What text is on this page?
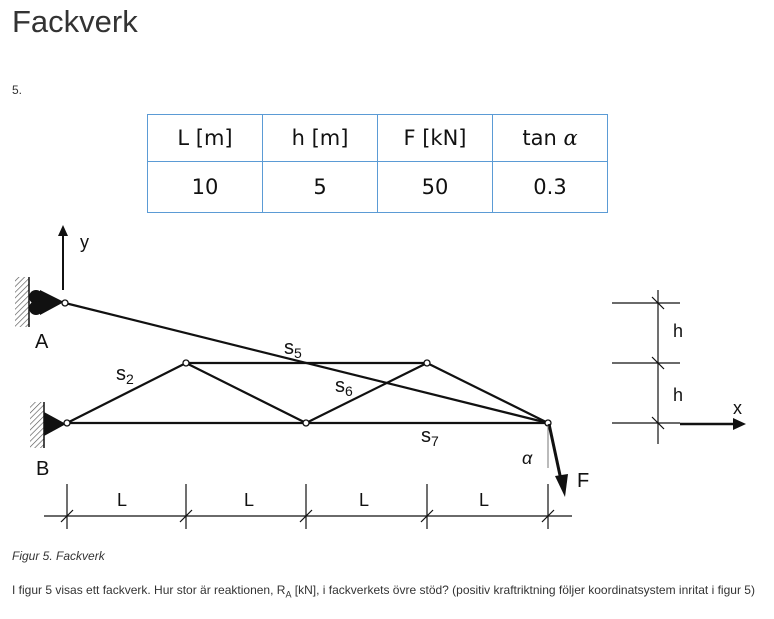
Fackverk
5.
L [m]	h [m]	F [kN]	tan α
10	5	50	0.3
y
A
B
$s_2$
$s_5$
$s_6$
$s_7$
α
F
L	L	L	L
h
h
x
Figur 5. Fackverk
I figur 5 visas ett fackverk. Hur stor är reaktionen, $R_A$ [kN], i fackverkets övre stöd? (positiv kraftriktning följer koordinatsystem inritat i figur 5)
